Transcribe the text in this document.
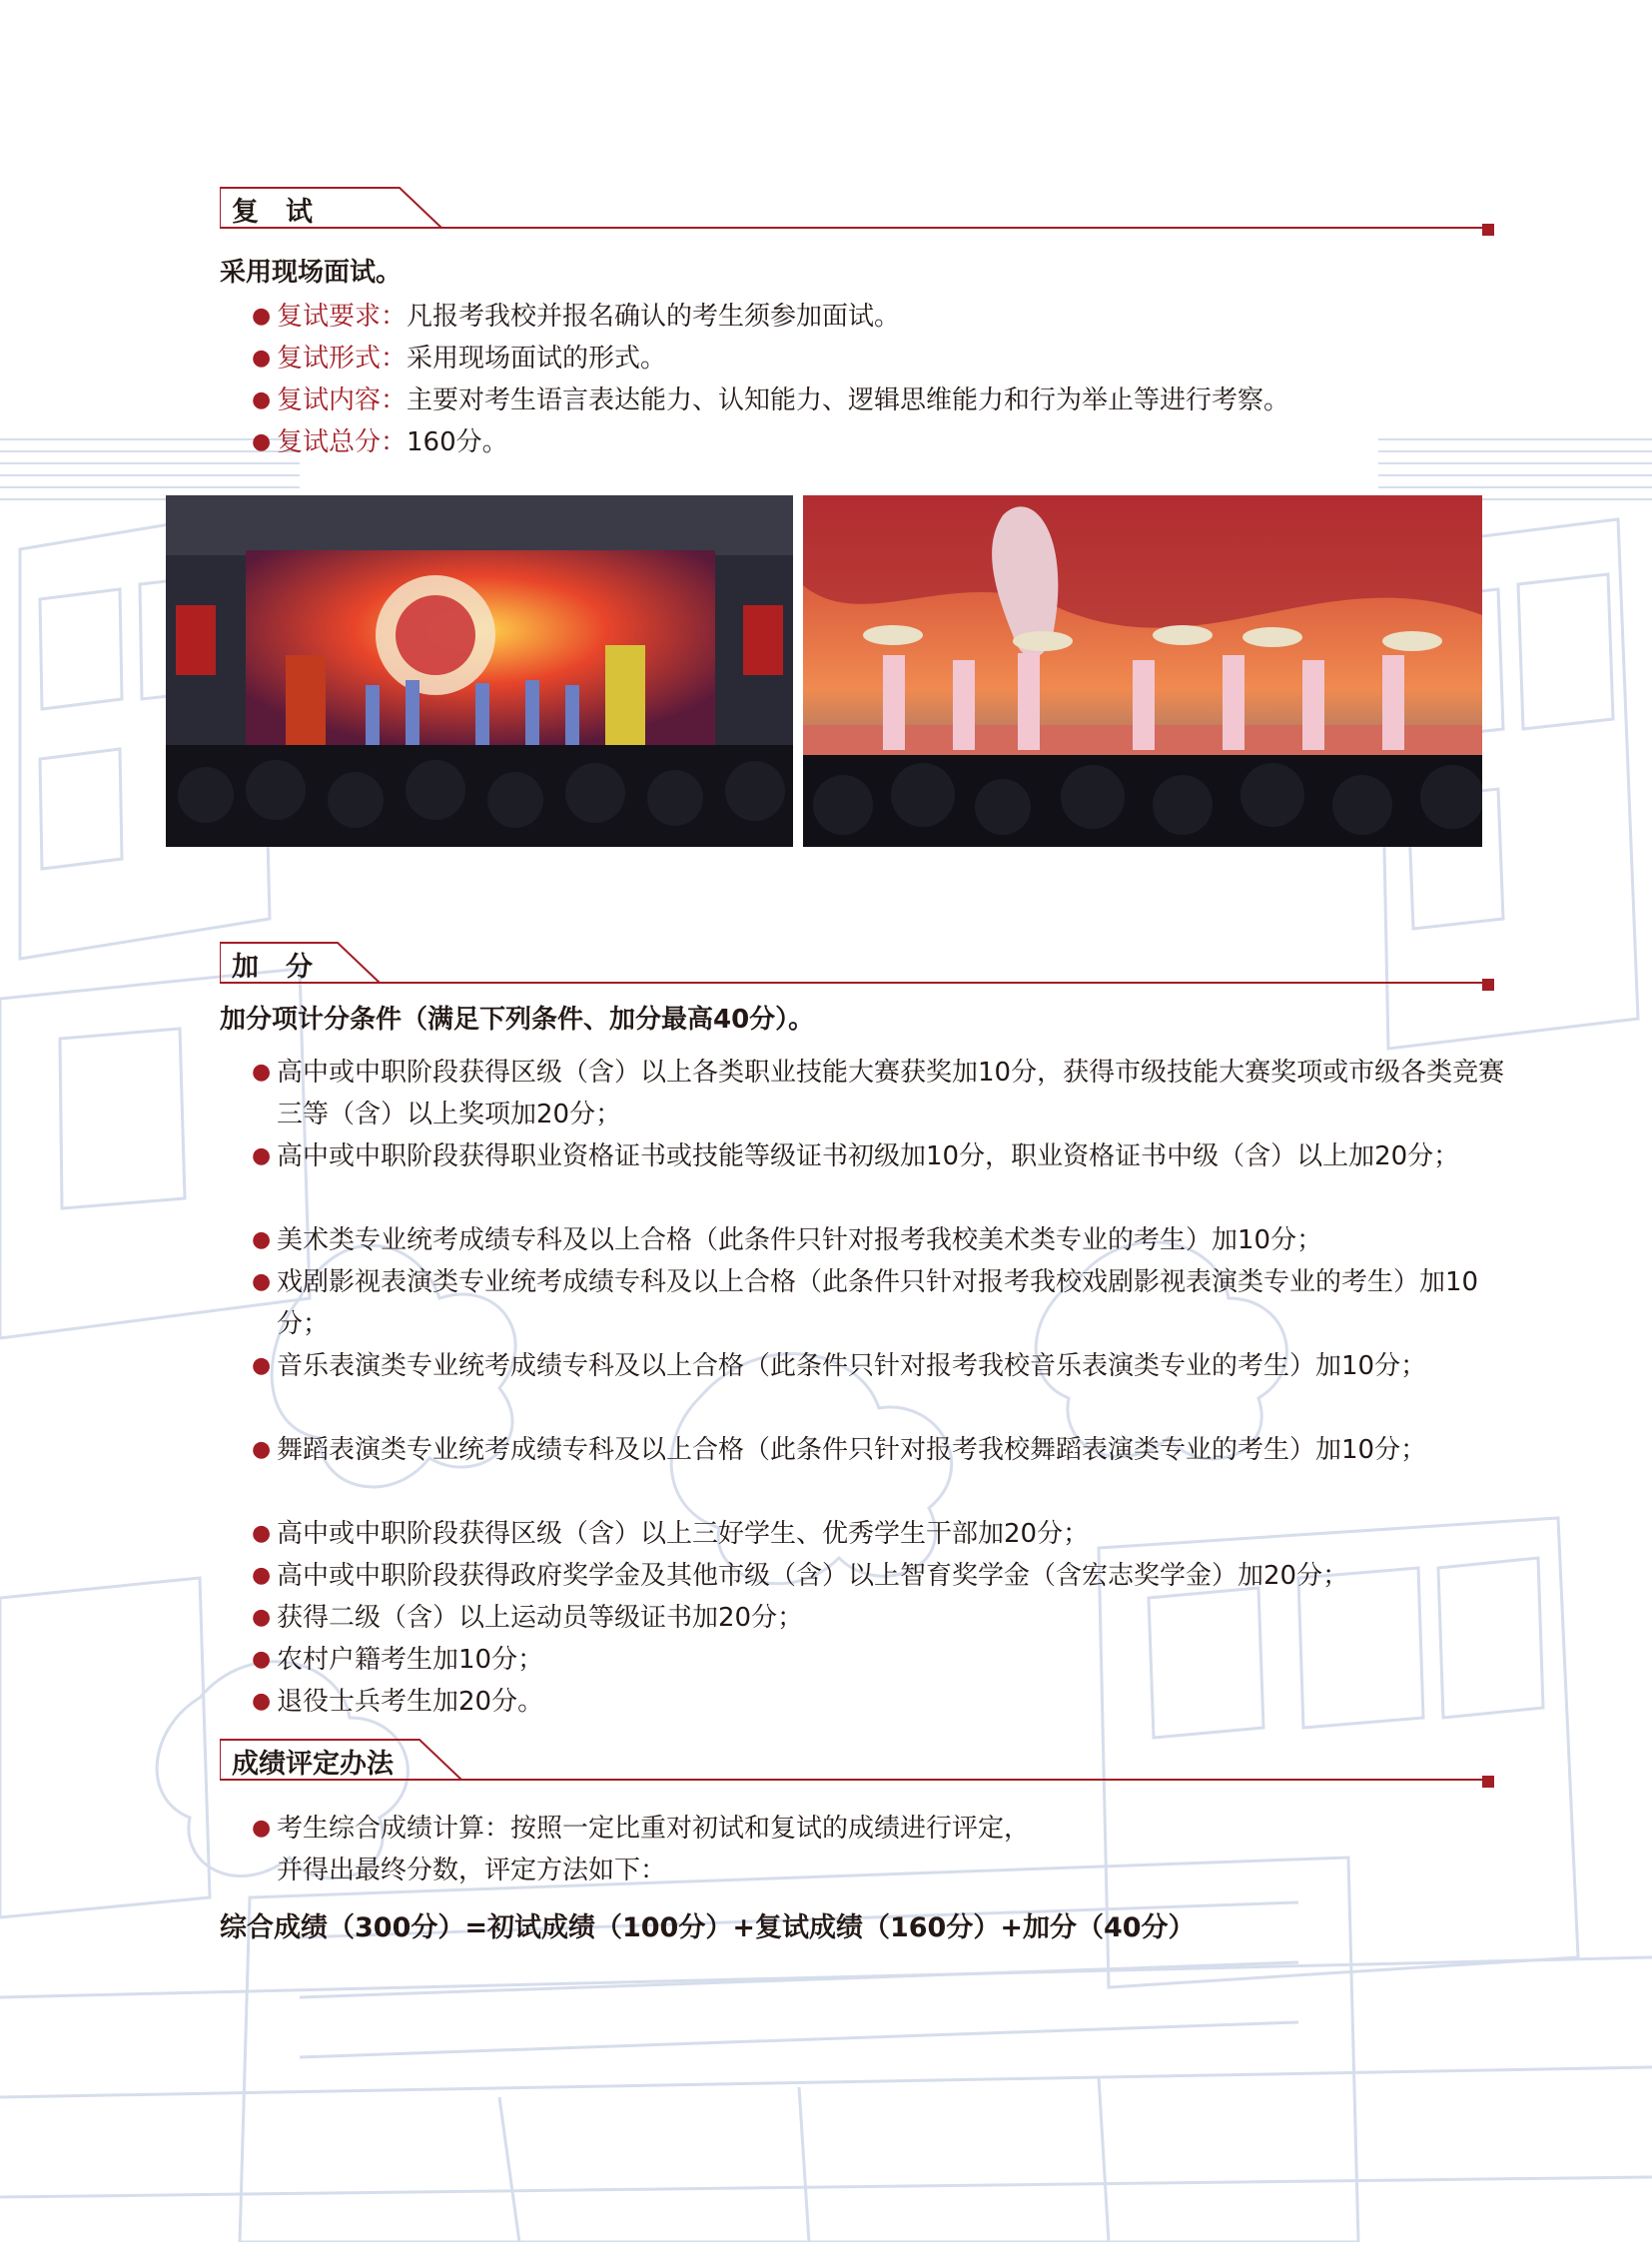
复　试
采用现场面试。
● 复试要求：凡报考我校并报名确认的考生须参加面试。
● 复试形式：采用现场面试的形式。
● 复试内容：主要对考生语言表达能力、认知能力、逻辑思维能力和行为举止等进行考察。
● 复试总分：160分。
加　分
加分项计分条件（满足下列条件、加分最高40分）。
● 高中或中职阶段获得区级（含）以上各类职业技能大赛获奖加10分，获得市级技能大赛奖项或市级各类竞赛三等（含）以上奖项加20分；
● 高中或中职阶段获得职业资格证书或技能等级证书初级加10分，职业资格证书中级（含）以上加20分；
● 美术类专业统考成绩专科及以上合格（此条件只针对报考我校美术类专业的考生）加10分；
● 戏剧影视表演类专业统考成绩专科及以上合格（此条件只针对报考我校戏剧影视表演类专业的考生）加10分；
● 音乐表演类专业统考成绩专科及以上合格（此条件只针对报考我校音乐表演类专业的考生）加10分；
● 舞蹈表演类专业统考成绩专科及以上合格（此条件只针对报考我校舞蹈表演类专业的考生）加10分；
● 高中或中职阶段获得区级（含）以上三好学生、优秀学生干部加20分；
● 高中或中职阶段获得政府奖学金及其他市级（含）以上智育奖学金（含宏志奖学金）加20分；
● 获得二级（含）以上运动员等级证书加20分；
● 农村户籍考生加10分；
● 退役士兵考生加20分。
成绩评定办法
● 考生综合成绩计算：按照一定比重对初试和复试的成绩进行评定，
并得出最终分数，评定方法如下：
综合成绩（300分）=初试成绩（100分）+复试成绩（160分）+加分（40分）
